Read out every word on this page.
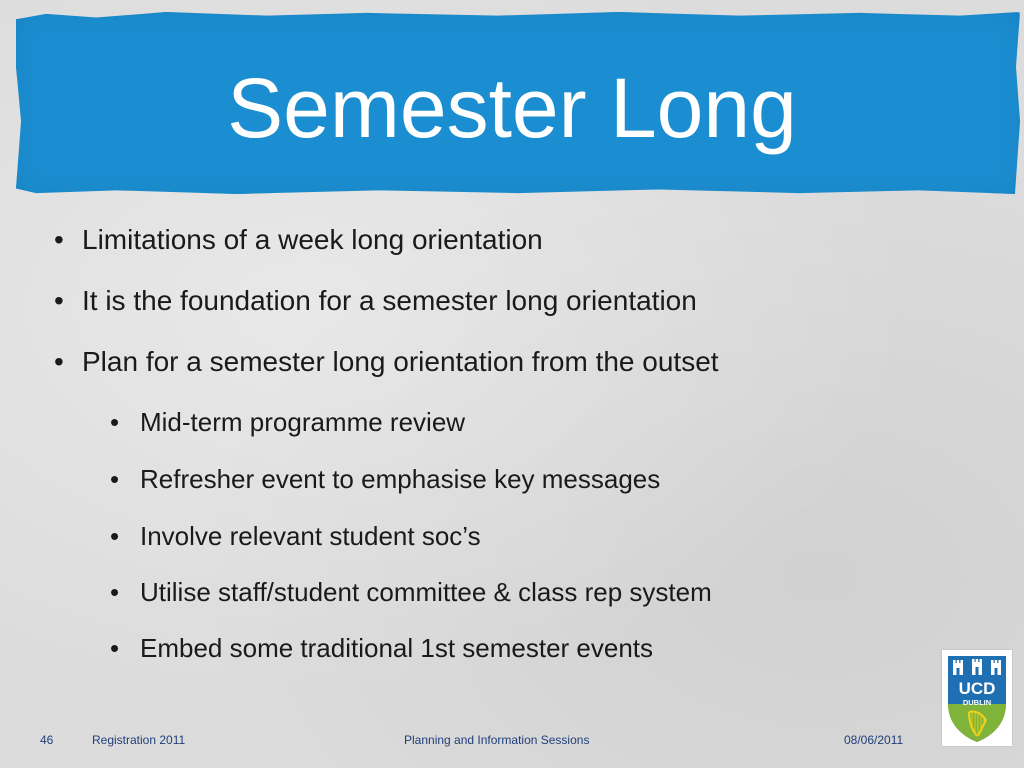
Semester Long
• Limitations of a week long orientation
• It is the foundation for a semester long orientation
• Plan for a semester long orientation from the outset
• Mid-term programme review
• Refresher event to emphasise key messages
• Involve relevant student soc’s
• Utilise staff/student committee & class rep system
• Embed some traditional 1st semester events
46	Registration 2011	Planning and Information Sessions	08/06/2011
UCD
DUBLIN
